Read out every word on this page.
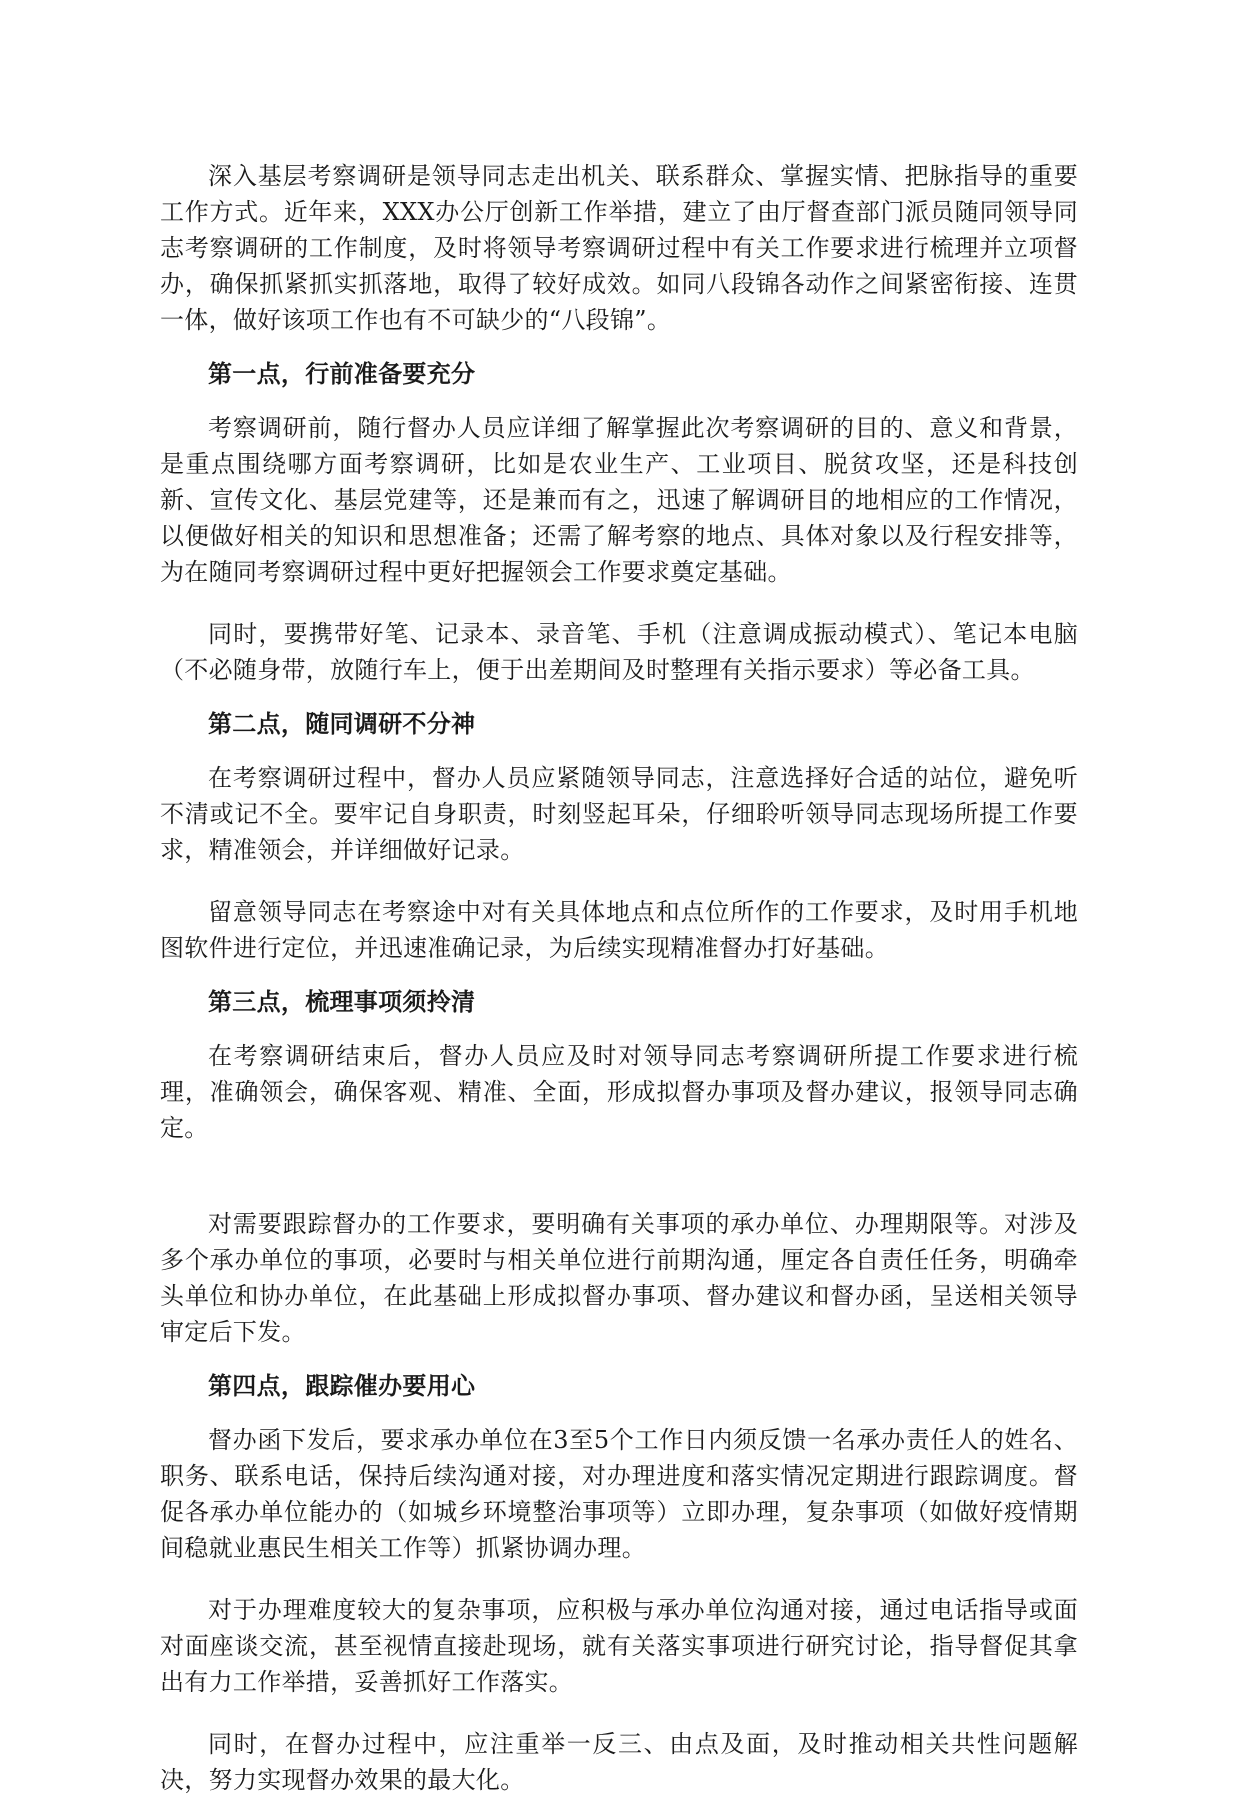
深入基层考察调研是领导同志走出机关、联系群众、掌握实情、把脉指导的重要工作方式。近年来，XXX办公厅创新工作举措，建立了由厅督查部门派员随同领导同志考察调研的工作制度，及时将领导考察调研过程中有关工作要求进行梳理并立项督办，确保抓紧抓实抓落地，取得了较好成效。如同八段锦各动作之间紧密衔接、连贯一体，做好该项工作也有不可缺少的“八段锦”。

第一点，行前准备要充分

考察调研前，随行督办人员应详细了解掌握此次考察调研的目的、意义和背景，是重点围绕哪方面考察调研，比如是农业生产、工业项目、脱贫攻坚，还是科技创新、宣传文化、基层党建等，还是兼而有之，迅速了解调研目的地相应的工作情况，以便做好相关的知识和思想准备；还需了解考察的地点、具体对象以及行程安排等，为在随同考察调研过程中更好把握领会工作要求奠定基础。

同时，要携带好笔、记录本、录音笔、手机（注意调成振动模式）、笔记本电脑（不必随身带，放随行车上，便于出差期间及时整理有关指示要求）等必备工具。

第二点，随同调研不分神

在考察调研过程中，督办人员应紧随领导同志，注意选择好合适的站位，避免听不清或记不全。要牢记自身职责，时刻竖起耳朵，仔细聆听领导同志现场所提工作要求，精准领会，并详细做好记录。

留意领导同志在考察途中对有关具体地点和点位所作的工作要求，及时用手机地图软件进行定位，并迅速准确记录，为后续实现精准督办打好基础。

第三点，梳理事项须拎清

在考察调研结束后，督办人员应及时对领导同志考察调研所提工作要求进行梳理，准确领会，确保客观、精准、全面，形成拟督办事项及督办建议，报领导同志确定。

对需要跟踪督办的工作要求，要明确有关事项的承办单位、办理期限等。对涉及多个承办单位的事项，必要时与相关单位进行前期沟通，厘定各自责任任务，明确牵头单位和协办单位，在此基础上形成拟督办事项、督办建议和督办函，呈送相关领导审定后下发。

第四点，跟踪催办要用心

督办函下发后，要求承办单位在3至5个工作日内须反馈一名承办责任人的姓名、职务、联系电话，保持后续沟通对接，对办理进度和落实情况定期进行跟踪调度。督促各承办单位能办的（如城乡环境整治事项等）立即办理，复杂事项（如做好疫情期间稳就业惠民生相关工作等）抓紧协调办理。

对于办理难度较大的复杂事项，应积极与承办单位沟通对接，通过电话指导或面对面座谈交流，甚至视情直接赴现场，就有关落实事项进行研究讨论，指导督促其拿出有力工作举措，妥善抓好工作落实。

同时，在督办过程中，应注重举一反三、由点及面，及时推动相关共性问题解决，努力实现督办效果的最大化。
